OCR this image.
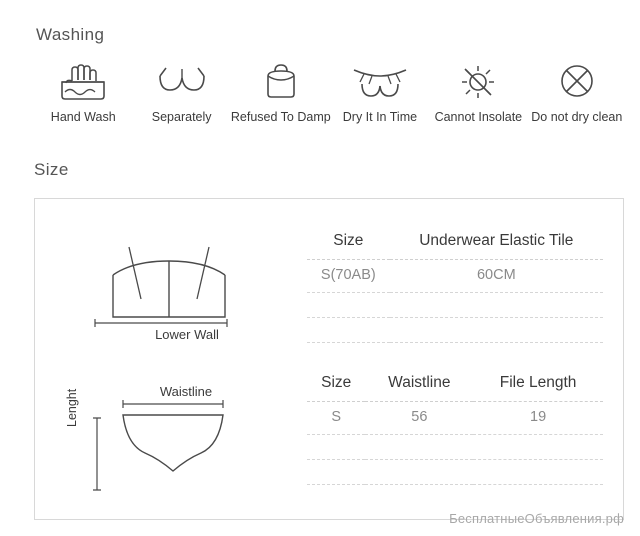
Washing
Hand Wash	Separately Refused To Damp Dry It In Time Cannot Insolate Do not dry clean
Size
Lower Wall
Waistline
Lenght
Size	Underwear Elastic Tile
S(70AB)	60CM

Size	Waistline	File Length
S	56	19

БесплатныеОбъявления.рф
